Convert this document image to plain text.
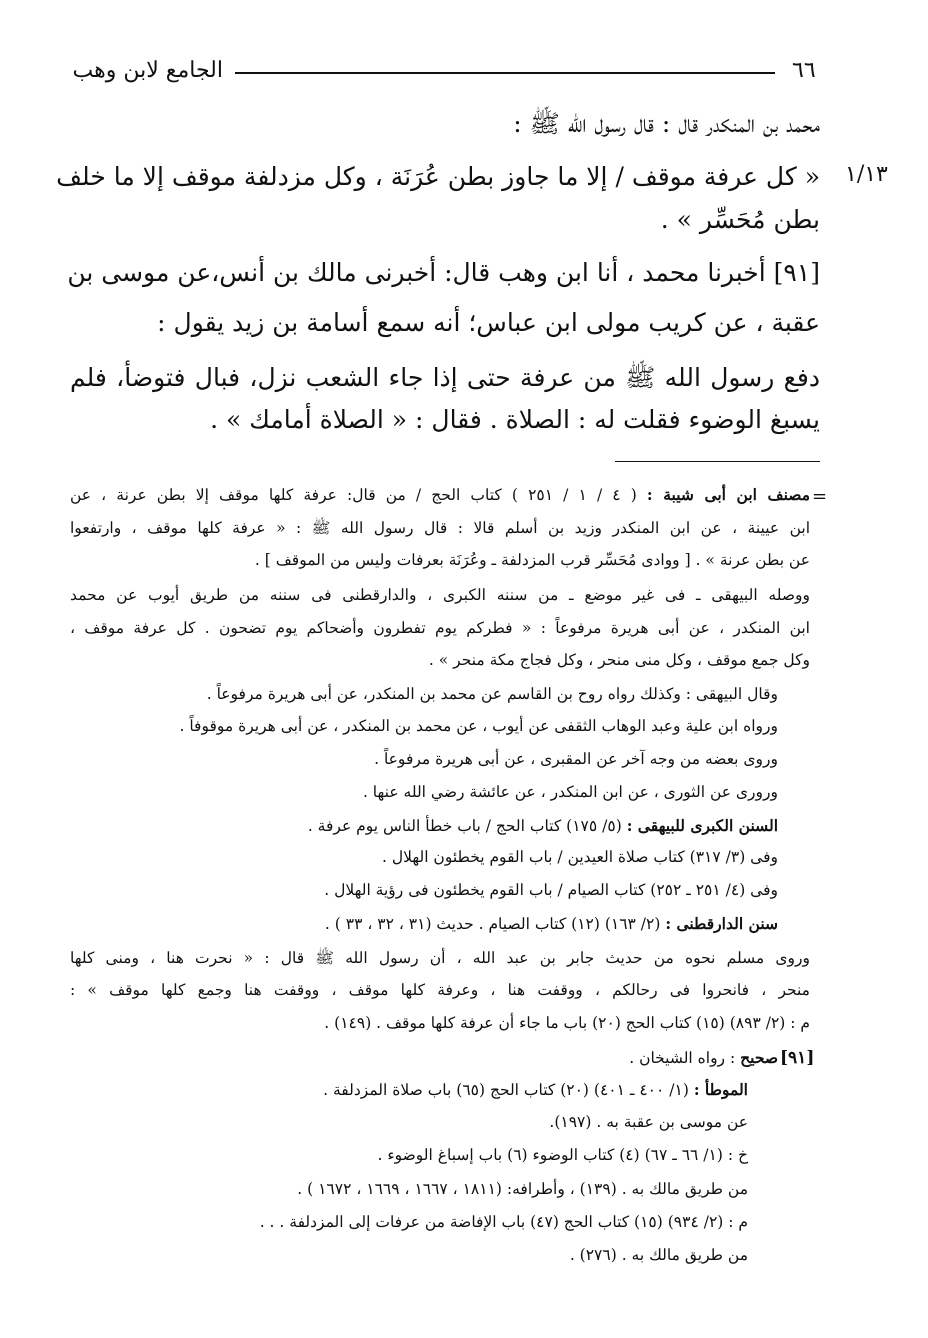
الجامع لابن وهب	٦٦
محمد بن المنكدر قال : قال رسول الله ﷺ :
١/١٣
« كل عرفة موقف / إلا ما جاوز بطن عُرَنَة ، وكل مزدلفة موقف إلا ما خلف
بطن مُحَسِّر » .
[٩١] أخبرنا محمد ، أنا ابن وهب قال: أخبرنى مالك بن أنس،عن موسى بن
عقبة ، عن كريب مولى ابن عباس؛ أنه سمع أسامة بن زيد يقول :
دفع رسول الله ﷺ من عرفة حتى إذا جاء الشعب نزل، فبال فتوضأ، فلم
يسبغ الوضوء فقلت له : الصلاة . فقال : « الصلاة أمامك » .
=
مصنف ابن أبى شيبة : ( ٤ / ١ / ٢٥١ ) كتاب الحج / من قال: عرفة كلها موقف إلا بطن عرنة ، عن
ابن عيينة ، عن ابن المنكدر وزيد بن أسلم قالا : قال رسول الله ﷺ : « عرفة كلها موقف ، وارتفعوا
عن بطن عرنة » . [ ووادى مُحَسِّر قرب المزدلفة ـ وعُرَنَة بعرفات وليس من الموقف ] .
ووصله البيهقى ـ فى غير موضع ـ من سننه الكبرى ، والدارقطنى فى سننه من طريق أيوب عن محمد
ابن المنكدر ، عن أبى هريرة مرفوعاً : « فطركم يوم تفطرون وأضحاكم يوم تضحون . كل عرفة موقف ،
وكل جمع موقف ، وكل منى منحر ، وكل فجاج مكة منحر » .
وقال البيهقى : وكذلك رواه روح بن القاسم عن محمد بن المنكدر، عن أبى هريرة مرفوعاً .
ورواه ابن علية وعبد الوهاب الثقفى عن أيوب ، عن محمد بن المنكدر ، عن أبى هريرة موقوفاً .
وروى بعضه من وجه آخر عن المقبرى ، عن أبى هريرة مرفوعاً .
ورورى عن الثورى ، عن ابن المنكدر ، عن عائشة رضي الله عنها .
السنن الكبرى للبيهقى : (٥/ ١٧٥) كتاب الحج / باب خطأ الناس يوم عرفة .
وفى (٣/ ٣١٧) كتاب صلاة العيدين / باب القوم يخطئون الهلال .
وفى (٤/ ٢٥١ ـ ٢٥٢) كتاب الصيام / باب القوم يخطئون فى رؤية الهلال .
سنن الدارقطنى : (٢/ ١٦٣) (١٢) كتاب الصيام . حديث (٣١ ، ٣٢ ، ٣٣ ) .
وروى مسلم نحوه من حديث جابر بن عبد الله ، أن رسول الله ﷺ قال : « نحرت هنا ، ومنى كلها
منحر ، فانحروا فى رحالكم ، ووقفت هنا ، وعرفة كلها موقف ، ووقفت هنا وجمع كلها موقف » :
م : (٢/ ٨٩٣) (١٥) كتاب الحج (٢٠) باب ما جاء أن عرفة كلها موقف . (١٤٩) .
[٩١]
صحيح : رواه الشيخان .
الموطأ : (١/ ٤٠٠ ـ ٤٠١) (٢٠) كتاب الحج (٦٥) باب صلاة المزدلفة .
عن موسى بن عقبة به . (١٩٧).
خ : (١/ ٦٦ ـ ٦٧) (٤) كتاب الوضوء (٦) باب إسباغ الوضوء .
من طريق مالك به . (١٣٩) ، وأطرافه: (١٨١١ ، ١٦٦٧ ، ١٦٦٩ ، ١٦٧٢ ) .
م : (٢/ ٩٣٤) (١٥) كتاب الحج (٤٧) باب الإفاضة من عرفات إلى المزدلفة . . .
من طريق مالك به . (٢٧٦) .
